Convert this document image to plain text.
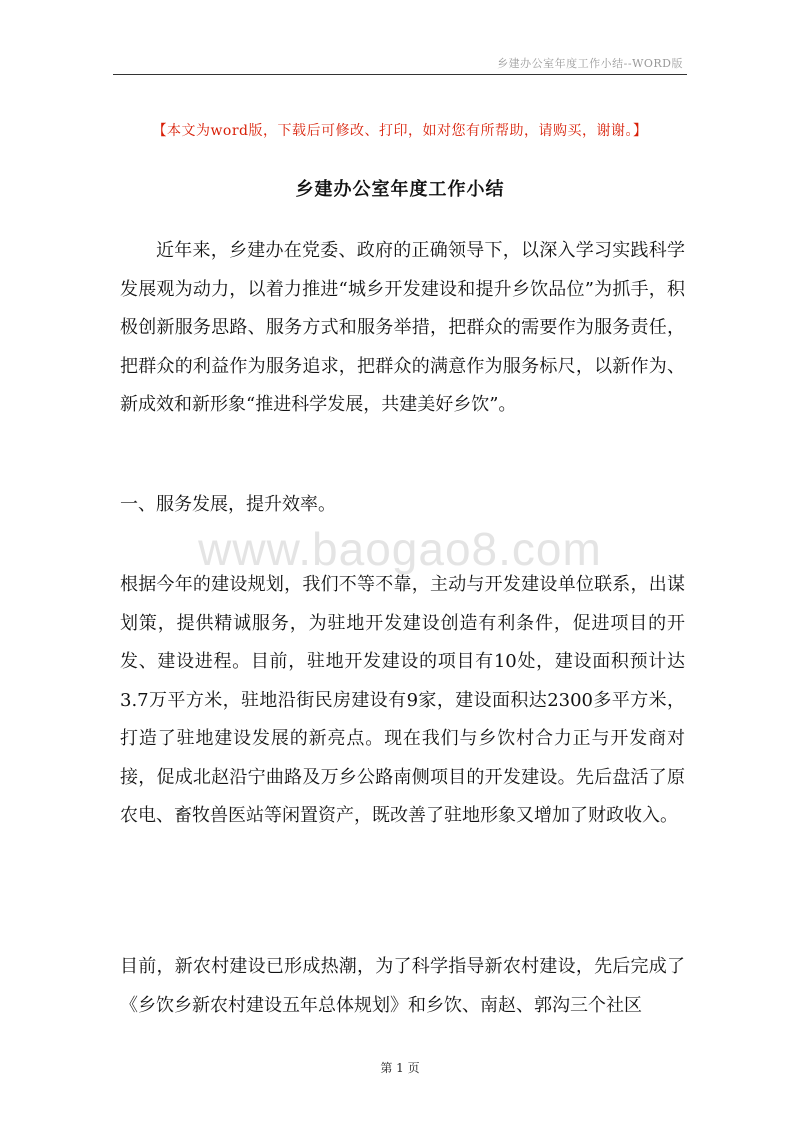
乡建办公室年度工作小结--WORD版
【本文为word版，下载后可修改、打印，如对您有所帮助，请购买，谢谢。】
乡建办公室年度工作小结

近年来，乡建办在党委、政府的正确领导下，以深入学习实践科学发展观为动力，以着力推进“城乡开发建设和提升乡饮品位”为抓手，积极创新服务思路、服务方式和服务举措，把群众的需要作为服务责任，把群众的利益作为服务追求，把群众的满意作为服务标尺，以新作为、新成效和新形象“推进科学发展，共建美好乡饮”。

一、服务发展，提升效率。

www.baogao8.com

根据今年的建设规划，我们不等不靠，主动与开发建设单位联系，出谋划策，提供精诚服务，为驻地开发建设创造有利条件，促进项目的开发、建设进程。目前，驻地开发建设的项目有10处，建设面积预计达3.7万平方米，驻地沿街民房建设有9家，建设面积达2300多平方米，打造了驻地建设发展的新亮点。现在我们与乡饮村合力正与开发商对接，促成北赵沿宁曲路及万乡公路南侧项目的开发建设。先后盘活了原农电、畜牧兽医站等闲置资产，既改善了驻地形象又增加了财政收入。

目前，新农村建设已形成热潮，为了科学指导新农村建设，先后完成了《乡饮乡新农村建设五年总体规划》和乡饮、南赵、郭沟三个社区

第 1 页
